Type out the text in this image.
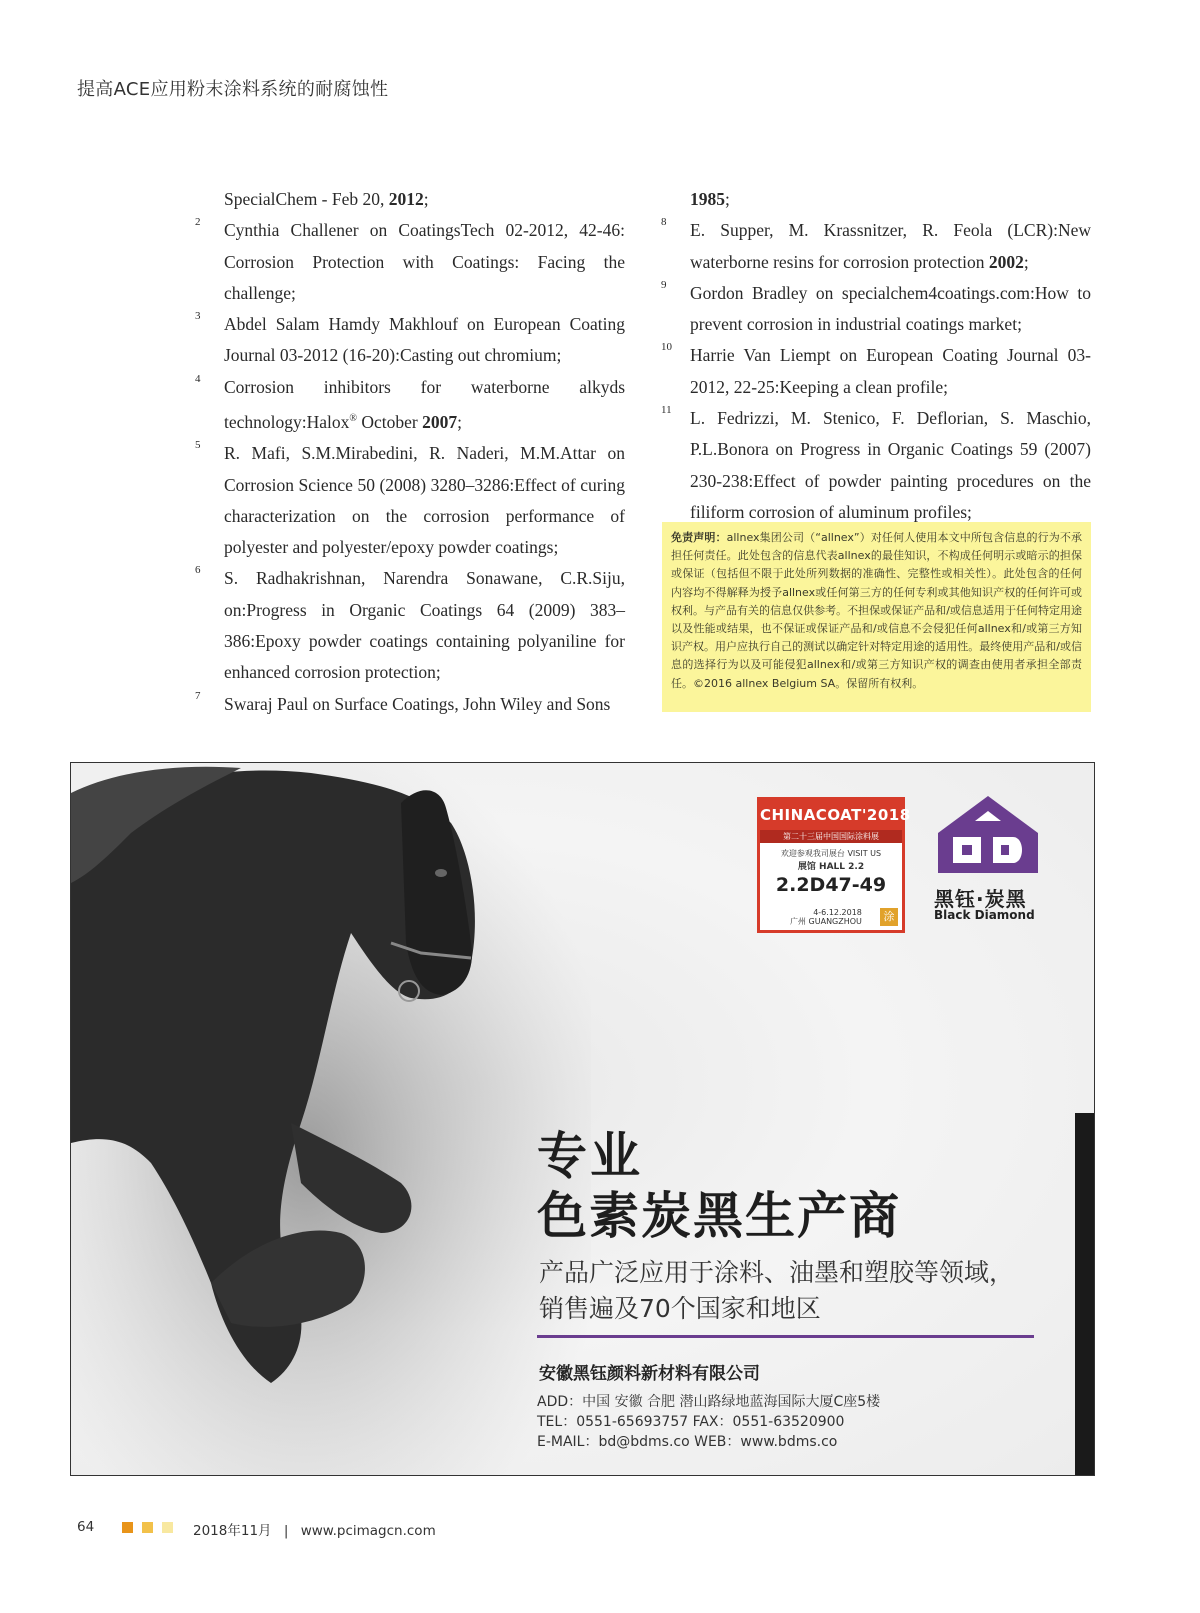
提高ACE应用粉末涂料系统的耐腐蚀性
SpecialChem - Feb 20, 2012;
2 Cynthia Challener on CoatingsTech 02-2012, 42-46: Corrosion Protection with Coatings: Facing the challenge;
3 Abdel Salam Hamdy Makhlouf on European Coating Journal 03-2012 (16-20):Casting out chromium;
4 Corrosion inhibitors for waterborne alkyds technology:Halox® October 2007;
5 R. Mafi, S.M.Mirabedini, R. Naderi, M.M.Attar on Corrosion Science 50 (2008) 3280–3286:Effect of curing characterization on the corrosion performance of polyester and polyester/epoxy powder coatings;
6 S. Radhakrishnan, Narendra Sonawane, C.R.Siju, on:Progress in Organic Coatings 64 (2009) 383–386:Epoxy powder coatings containing polyaniline for enhanced corrosion protection;
7 Swaraj Paul on Surface Coatings, John Wiley and Sons
1985;
8 E. Supper, M. Krassnitzer, R. Feola (LCR):New waterborne resins for corrosion protection 2002;
9 Gordon Bradley on specialchem4coatings.com:How to prevent corrosion in industrial coatings market;
10 Harrie Van Liempt on European Coating Journal 03-2012, 22-25:Keeping a clean profile;
11 L. Fedrizzi, M. Stenico, F. Deflorian, S. Maschio, P.L.Bonora on Progress in Organic Coatings 59 (2007) 230-238:Effect of powder painting procedures on the filiform corrosion of aluminum profiles;
免责声明：allnex集团公司（“allnex”）对任何人使用本文中所包含信息的行为不承担任何责任。此处包含的信息代表allnex的最佳知识，不构成任何明示或暗示的担保或保证（包括但不限于此处所列数据的准确性、完整性或相关性）。此处包含的任何内容均不得解释为授予allnex或任何第三方的任何专利或其他知识产权的任何许可或权利。与产品有关的信息仅供参考。不担保或保证产品和/或信息适用于任何特定用途以及性能或结果，也不保证或保证产品和/或信息不会侵犯任何allnex和/或第三方知识产权。用户应执行自己的测试以确定针对特定用途的适用性。最终使用产品和/或信息的选择行为以及可能侵犯allnex和/或第三方知识产权的调查由使用者承担全部责任。©2016 allnex Belgium SA。保留所有权利。
CHINACOAT'2018
第二十三届中国国际涂料展
欢迎参观我司展台 VISIT US
展馆 HALL 2.2
2.2D47-49
4-6.12.2018
广州 GUANGZHOU	涂
黑钰·炭黑
Black Diamond
专业
色素炭黑生产商
产品广泛应用于涂料、油墨和塑胶等领域，
销售遍及70个国家和地区
安徽黑钰颜料新材料有限公司
ADD：中国 安徽 合肥 潜山路绿地蓝海国际大厦C座5楼
TEL：0551-65693757 FAX：0551-63520900
E-MAIL：bd@bdms.co WEB：www.bdms.co
64	2018年11月 | www.pcimagcn.com
